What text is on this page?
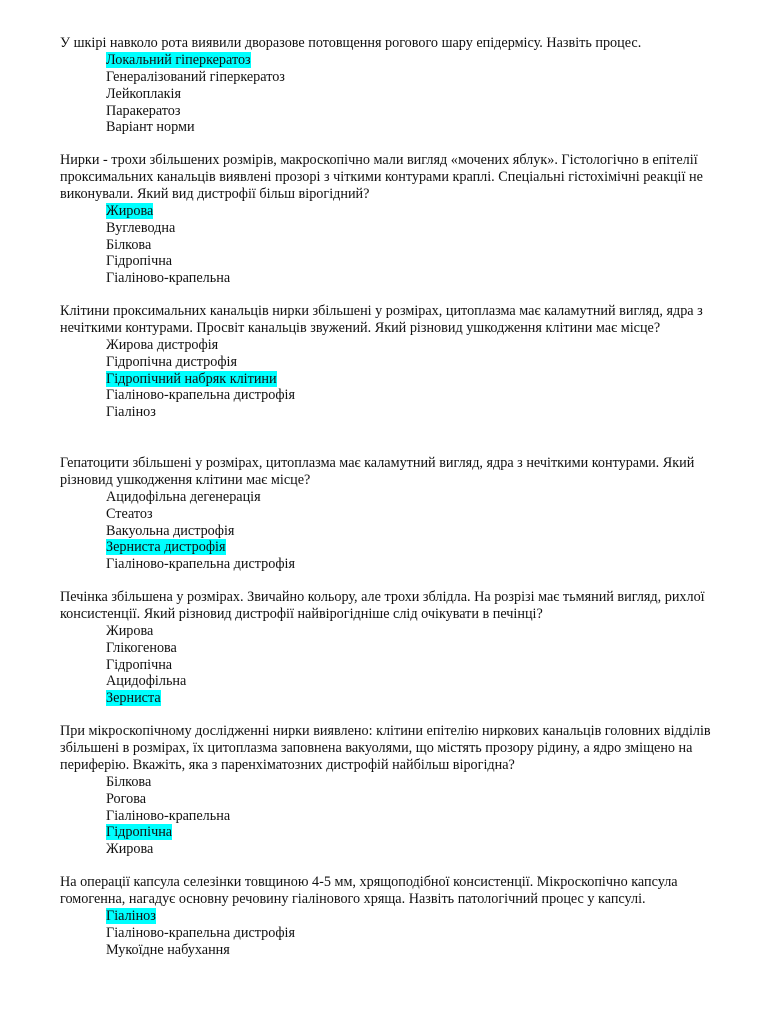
У шкірі навколо рота виявили дворазове потовщення рогового шару епідермісу. Назвіть процес.

Локальний гіперкератоз
Генералізований гіперкератоз
Лейкоплакія
Паракератоз
Варіант норми

Нирки - трохи збільшених розмірів, макроскопічно мали вигляд «мочених яблук». Гістологічно в епітелії проксимальних канальців виявлені прозорі з чіткими контурами краплі. Спеціальні гістохімічні реакції не виконували. Який вид дистрофії більш вірогідний?

Жирова
Вуглеводна
Білкова
Гідропічна
Гіаліново-крапельна

Клітини проксимальних канальців нирки збільшені у розмірах, цитоплазма має каламутний вигляд, ядра з нечіткими контурами. Просвіт канальців звужений. Який різновид ушкодження клітини має місце?

Жирова дистрофія
Гідропічна дистрофія
Гідропічний набряк клітини
Гіаліново-крапельна дистрофія
Гіаліноз

Гепатоцити збільшені у розмірах, цитоплазма має каламутний вигляд, ядра з нечіткими контурами. Який різновид ушкодження клітини має місце?

Ацидофільна дегенерація
Стеатоз
Вакуольна дистрофія
Зерниста дистрофія
Гіаліново-крапельна дистрофія

Печінка збільшена у розмірах. Звичайно кольору, але трохи зблідла. На розрізі має тьмяний вигляд, рихлої консистенції. Який різновид дистрофії найвірогідніше слід очікувати в печінці?

Жирова
Глікогенова
Гідропічна
Ацидофільна
Зерниста

При мікроскопічному дослідженні нирки виявлено: клітини епітелію ниркових канальців головних відділів збільшені в розмірах, їх цитоплазма заповнена вакуолями, що містять прозору рідину, а ядро зміщено на периферію. Вкажіть, яка з паренхіматозних дистрофій найбільш вірогідна?

Білкова
Рогова
Гіаліново-крапельна
Гідропічна
Жирова

На операції капсула селезінки товщиною 4-5 мм, хрящоподібної консистенції. Мікроскопічно капсула гомогенна, нагадує основну речовину гіалінового хряща. Назвіть патологічний процес у капсулі.

Гіаліноз
Гіаліново-крапельна дистрофія
Мукоїдне набухання
